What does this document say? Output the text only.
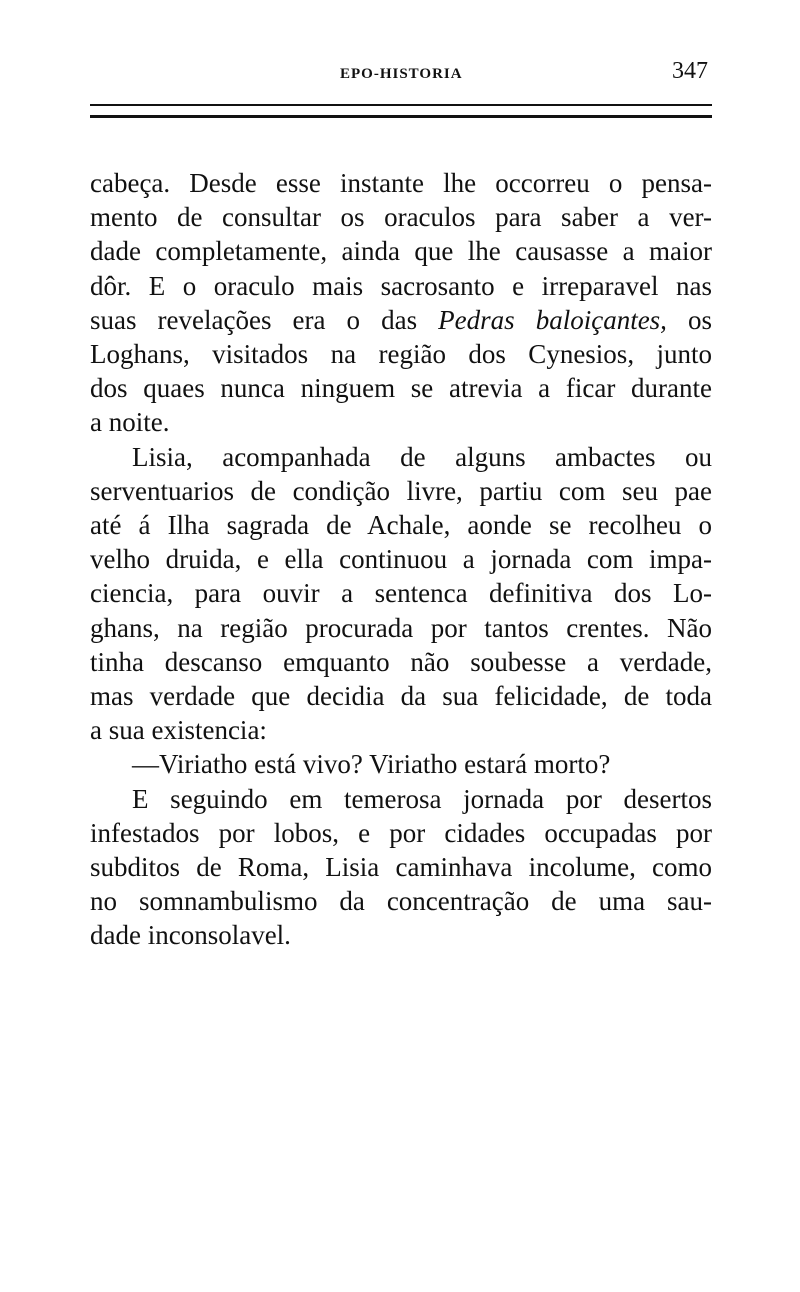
EPO-HISTORIA	347
cabeça. Desde esse instante lhe occorreu o pensa-
mento de consultar os oraculos para saber a ver-
dade completamente, ainda que lhe causasse a maior
dôr. E o oraculo mais sacrosanto e irreparavel nas
suas revelações era o das Pedras baloiçantes, os
Loghans, visitados na região dos Cynesios, junto
dos quaes nunca ninguem se atrevia a ficar durante
a noite.
Lisia, acompanhada de alguns ambactes ou
serventuarios de condição livre, partiu com seu pae
até á Ilha sagrada de Achale, aonde se recolheu o
velho druida, e ella continuou a jornada com impa-
ciencia, para ouvir a sentenca definitiva dos Lo-
ghans, na região procurada por tantos crentes. Não
tinha descanso emquanto não soubesse a verdade,
mas verdade que decidia da sua felicidade, de toda
a sua existencia:
—Viriatho está vivo? Viriatho estará morto?
E seguindo em temerosa jornada por desertos
infestados por lobos, e por cidades occupadas por
subditos de Roma, Lisia caminhava incolume, como
no somnambulismo da concentração de uma sau-
dade inconsolavel.
